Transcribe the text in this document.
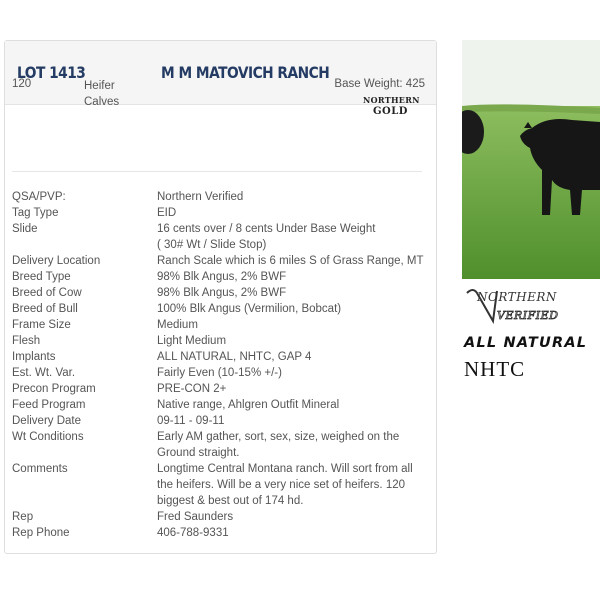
LOT 1413	M M MATOVICH RANCH
120	Heifer
Calves
Base Weight: 425
NORTHERN
GOLD
QSA/PVP:	Northern Verified
Tag Type	EID
Slide	16 cents over / 8 cents Under Base Weight
( 30# Wt / Slide Stop)
Delivery Location	Ranch Scale which is 6 miles S of Grass Range, MT
Breed Type	98% Blk Angus, 2% BWF
Breed of Cow	98% Blk Angus, 2% BWF
Breed of Bull	100% Blk Angus (Vermilion, Bobcat)
Frame Size	Medium
Flesh	Light Medium
Implants	ALL NATURAL, NHTC, GAP 4
Est. Wt. Var.	Fairly Even (10-15% +/-)
Precon Program	PRE-CON 2+
Feed Program	Native range, Ahlgren Outfit Mineral
Delivery Date	09-11 - 09-11
Wt Conditions	Early AM gather, sort, sex, size, weighed on the
Ground straight.
Comments	Longtime Central Montana ranch. Will sort from all
the heifers. Will be a very nice set of heifers. 120
biggest & best out of 174 hd.
Rep	Fred Saunders
Rep Phone	406-788-9331
NORTHERN
VERIFIED
ALL NATURAL
NHTC
